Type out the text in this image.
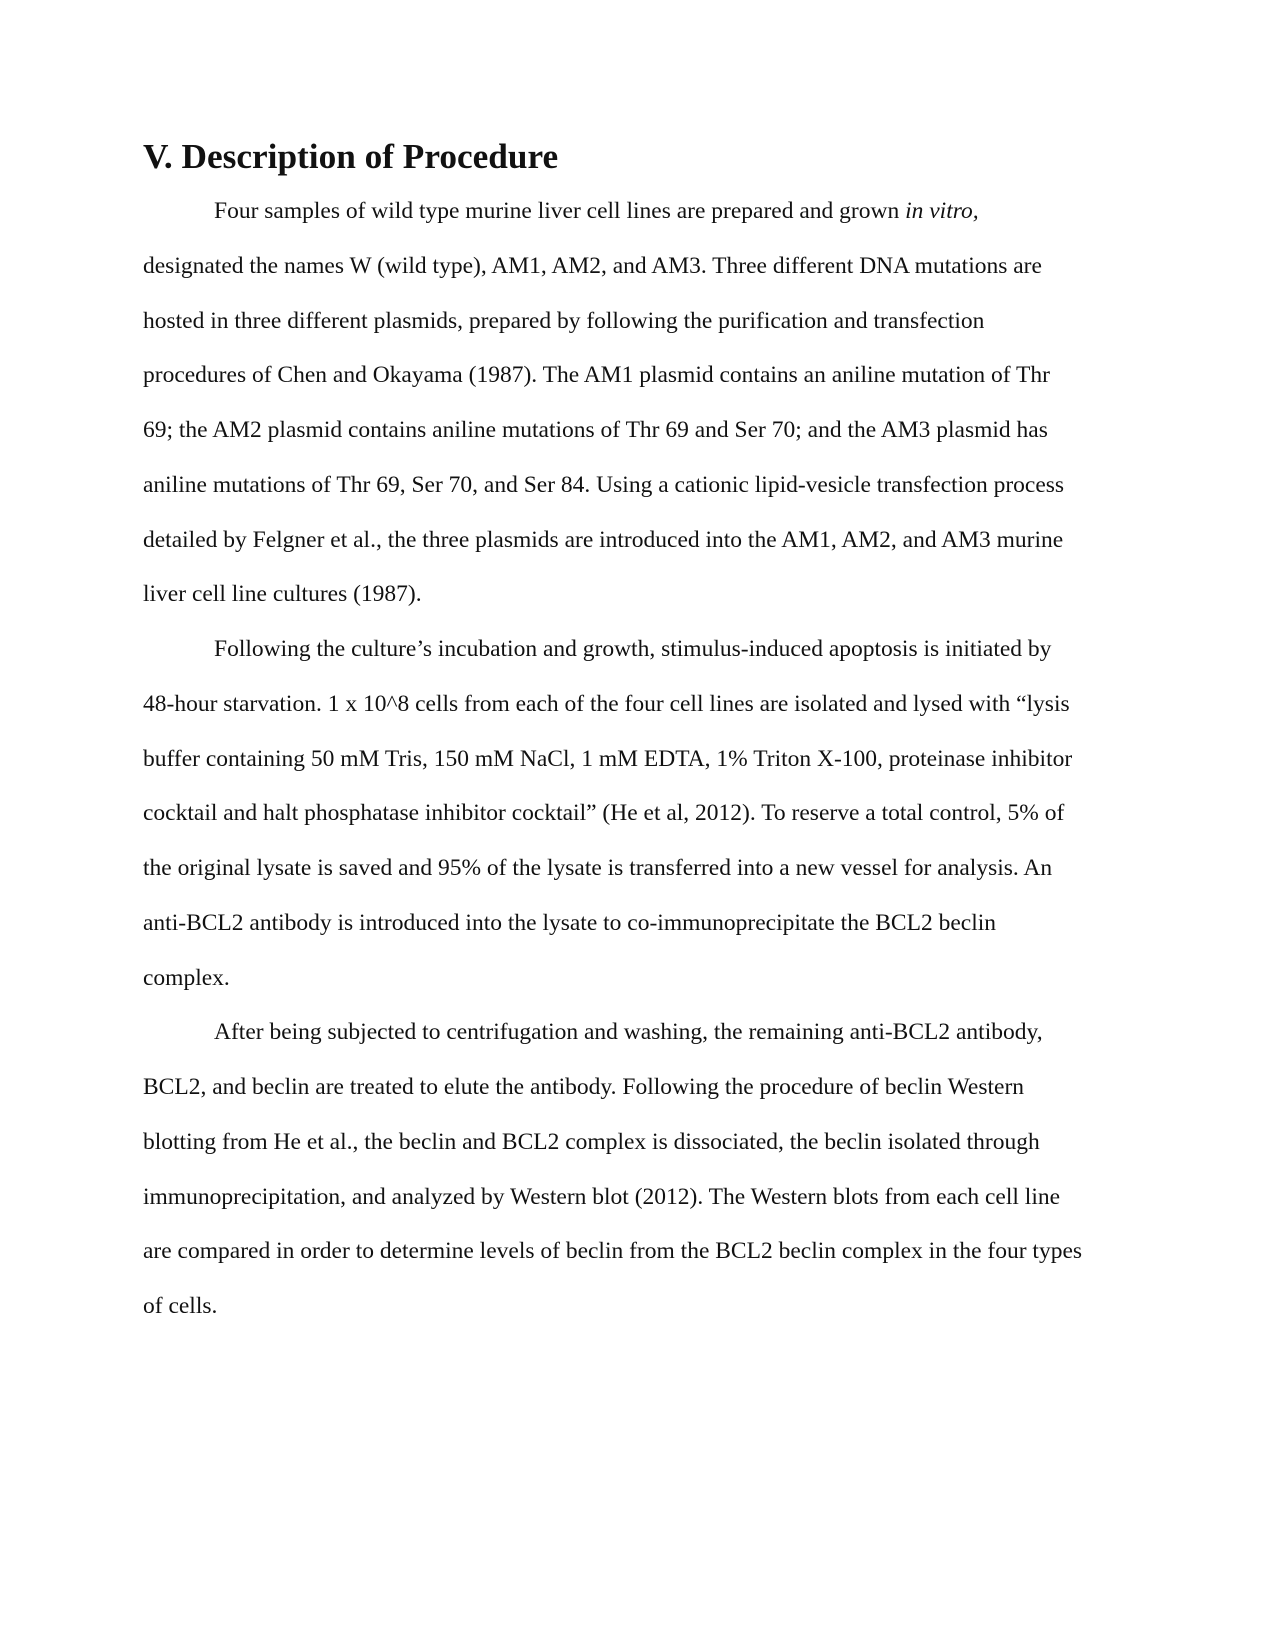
V. Description of Procedure

Four samples of wild type murine liver cell lines are prepared and grown in vitro, designated the names W (wild type), AM1, AM2, and AM3. Three different DNA mutations are hosted in three different plasmids, prepared by following the purification and transfection procedures of Chen and Okayama (1987). The AM1 plasmid contains an aniline mutation of Thr 69; the AM2 plasmid contains aniline mutations of Thr 69 and Ser 70; and the AM3 plasmid has aniline mutations of Thr 69, Ser 70, and Ser 84. Using a cationic lipid-vesicle transfection process detailed by Felgner et al., the three plasmids are introduced into the AM1, AM2, and AM3 murine liver cell line cultures (1987).

Following the culture’s incubation and growth, stimulus-induced apoptosis is initiated by 48-hour starvation. 1 x 10^8 cells from each of the four cell lines are isolated and lysed with “lysis buffer containing 50 mM Tris, 150 mM NaCl, 1 mM EDTA, 1% Triton X-100, proteinase inhibitor cocktail and halt phosphatase inhibitor cocktail” (He et al, 2012). To reserve a total control, 5% of the original lysate is saved and 95% of the lysate is transferred into a new vessel for analysis. An anti-BCL2 antibody is introduced into the lysate to co-immunoprecipitate the BCL2 beclin complex.

After being subjected to centrifugation and washing, the remaining anti-BCL2 antibody, BCL2, and beclin are treated to elute the antibody. Following the procedure of beclin Western blotting from He et al., the beclin and BCL2 complex is dissociated, the beclin isolated through immunoprecipitation, and analyzed by Western blot (2012). The Western blots from each cell line are compared in order to determine levels of beclin from the BCL2 beclin complex in the four types of cells.
